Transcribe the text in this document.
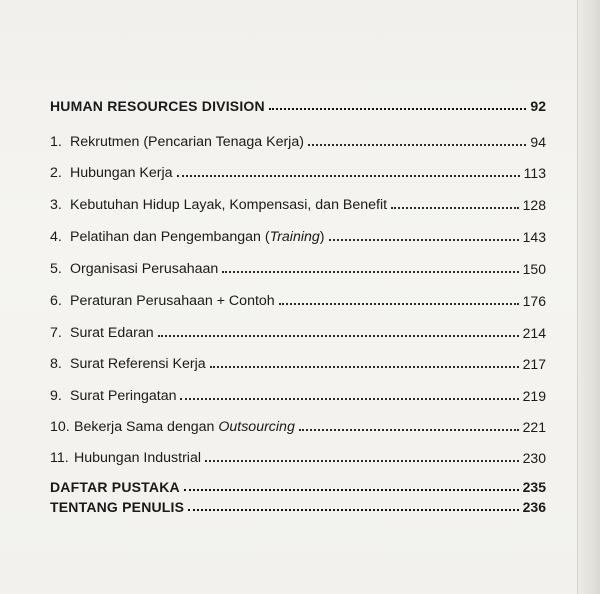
HUMAN RESOURCES DIVISION	92
1. Rekrutmen (Pencarian Tenaga Kerja)	94
2. Hubungan Kerja	113
3. Kebutuhan Hidup Layak, Kompensasi, dan Benefit	128
4. Pelatihan dan Pengembangan (Training)	143
5. Organisasi Perusahaan	150
6. Peraturan Perusahaan + Contoh	176
7. Surat Edaran	214
8. Surat Referensi Kerja	217
9. Surat Peringatan	219
10. Bekerja Sama dengan Outsourcing	221
11. Hubungan Industrial	230
DAFTAR PUSTAKA	235
TENTANG PENULIS	236
